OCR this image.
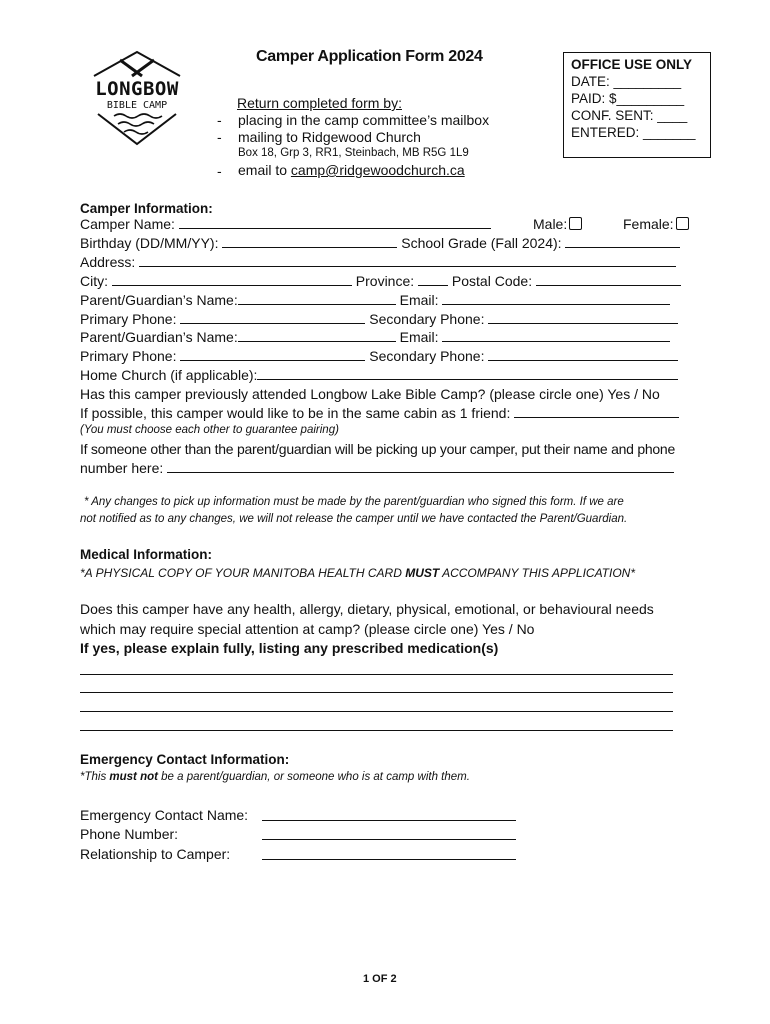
LONGBOW
BIBLE CAMP
Camper Application Form 2024
Return completed form by:
- placing in the camp committee’s mailbox
- mailing to Ridgewood Church
Box 18, Grp 3, RR1, Steinbach, MB R5G 1L9
- email to camp@ridgewoodchurch.ca
OFFICE USE ONLY
DATE: _________
PAID: $_________
CONF. SENT: ____
ENTERED: _______
Camper Information:
Camper Name:	Male:	Female:
Birthday (DD/MM/YY):	School Grade (Fall 2024):
Address:
City:	Province:	Postal Code:
Parent/Guardian’s Name:	Email:
Primary Phone:	Secondary Phone:
Parent/Guardian’s Name:	Email:
Primary Phone:	Secondary Phone:
Home Church (if applicable):
Has this camper previously attended Longbow Lake Bible Camp? (please circle one) Yes / No
If possible, this camper would like to be in the same cabin as 1 friend:
(You must choose each other to guarantee pairing)
If someone other than the parent/guardian will be picking up your camper, put their name and phone
number here:
* Any changes to pick up information must be made by the parent/guardian who signed this form. If we are
not notified as to any changes, we will not release the camper until we have contacted the Parent/Guardian.
Medical Information:
*A PHYSICAL COPY OF YOUR MANITOBA HEALTH CARD MUST ACCOMPANY THIS APPLICATION*
Does this camper have any health, allergy, dietary, physical, emotional, or behavioural needs
which may require special attention at camp? (please circle one) Yes / No
If yes, please explain fully, listing any prescribed medication(s)
Emergency Contact Information:
*This must not be a parent/guardian, or someone who is at camp with them.
Emergency Contact Name:
Phone Number:
Relationship to Camper:
1 OF 2
